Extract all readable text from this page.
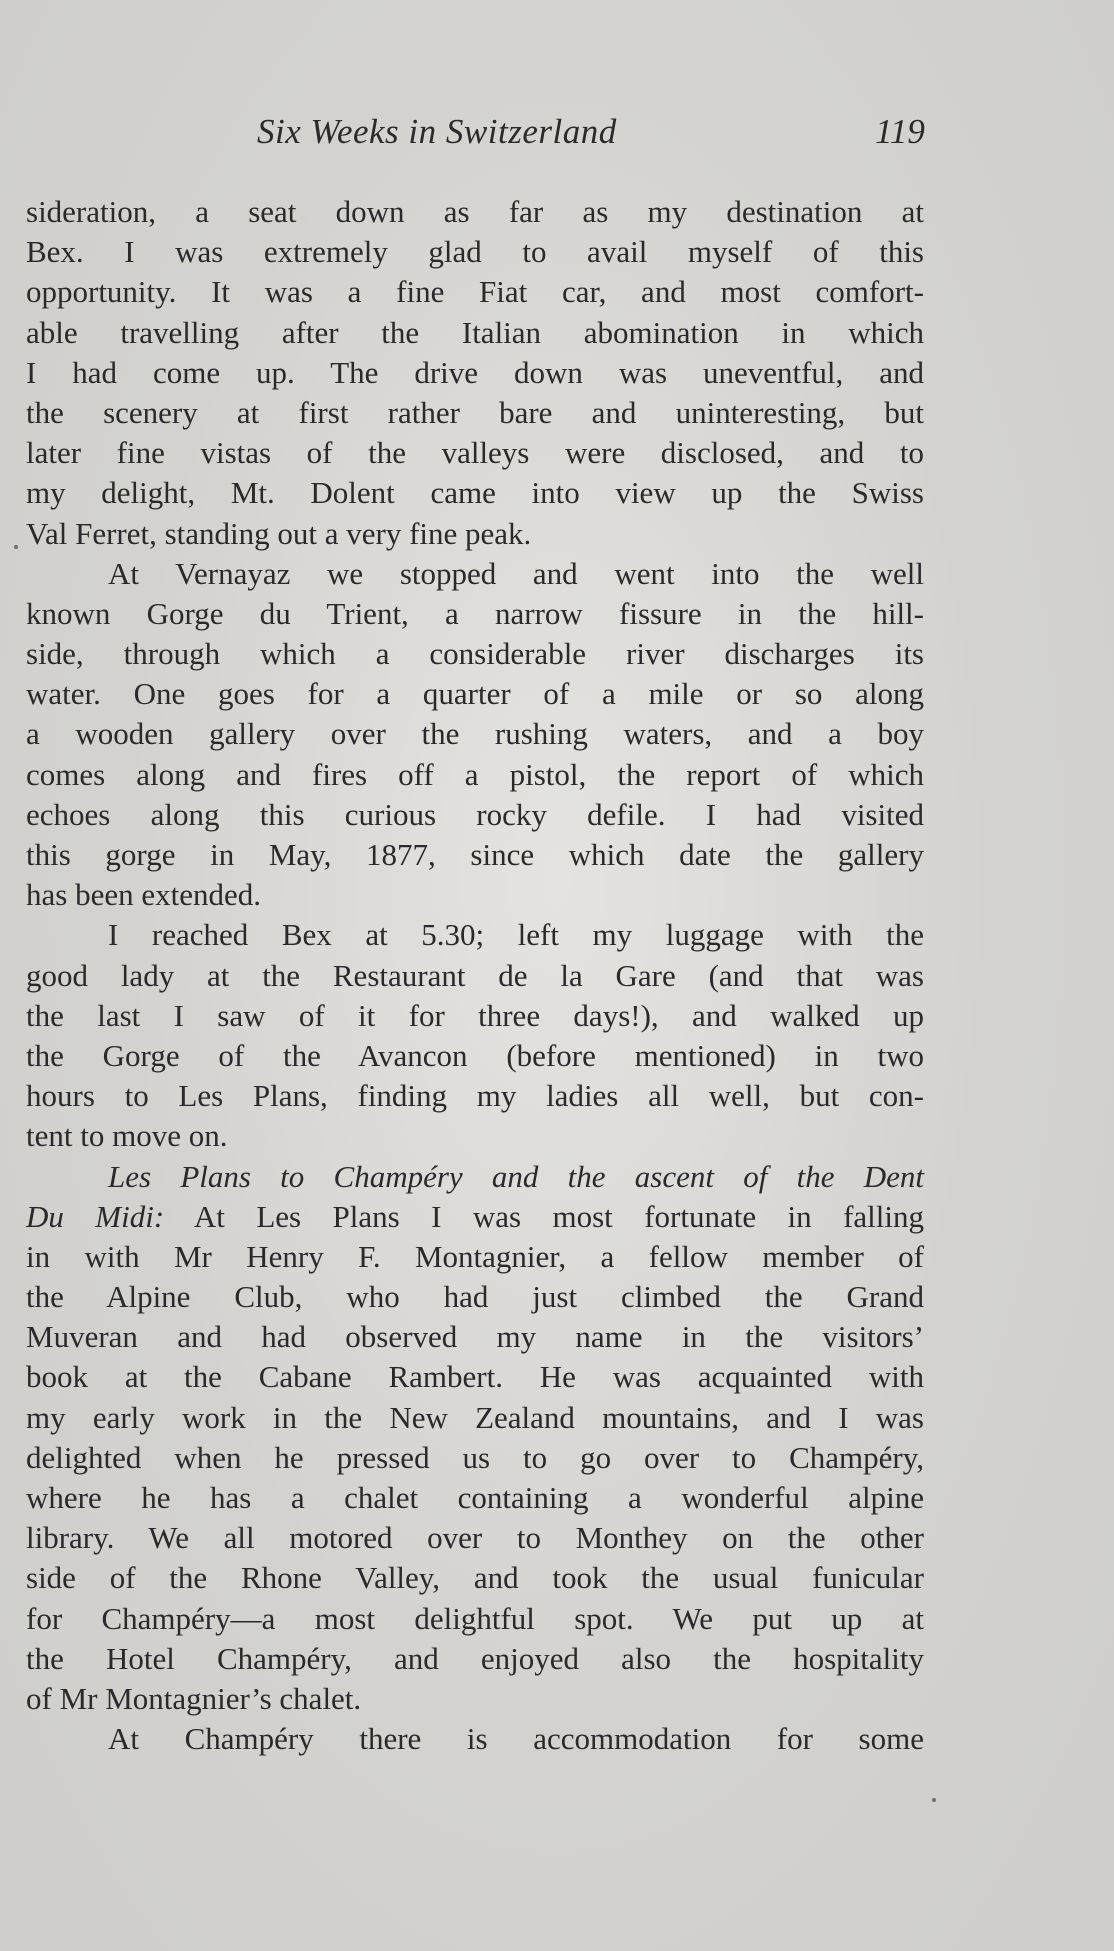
Six Weeks in Switzerland	119
sideration, a seat down as far as my destination at
Bex. I was extremely glad to avail myself of this
opportunity. It was a fine Fiat car, and most comfort-
able travelling after the Italian abomination in which
I had come up. The drive down was uneventful, and
the scenery at first rather bare and uninteresting, but
later fine vistas of the valleys were disclosed, and to
my delight, Mt. Dolent came into view up the Swiss
Val Ferret, standing out a very fine peak.
At Vernayaz we stopped and went into the well
known Gorge du Trient, a narrow fissure in the hill-
side, through which a considerable river discharges its
water. One goes for a quarter of a mile or so along
a wooden gallery over the rushing waters, and a boy
comes along and fires off a pistol, the report of which
echoes along this curious rocky defile. I had visited
this gorge in May, 1877, since which date the gallery
has been extended.
I reached Bex at 5.30; left my luggage with the
good lady at the Restaurant de la Gare (and that was
the last I saw of it for three days!), and walked up
the Gorge of the Avancon (before mentioned) in two
hours to Les Plans, finding my ladies all well, but con-
tent to move on.
Les Plans to Champéry and the ascent of the Dent
Du Midi: At Les Plans I was most fortunate in falling
in with Mr Henry F. Montagnier, a fellow member of
the Alpine Club, who had just climbed the Grand
Muveran and had observed my name in the visitors’
book at the Cabane Rambert. He was acquainted with
my early work in the New Zealand mountains, and I was
delighted when he pressed us to go over to Champéry,
where he has a chalet containing a wonderful alpine
library. We all motored over to Monthey on the other
side of the Rhone Valley, and took the usual funicular
for Champéry—a most delightful spot. We put up at
the Hotel Champéry, and enjoyed also the hospitality
of Mr Montagnier’s chalet.
At Champéry there is accommodation for some
